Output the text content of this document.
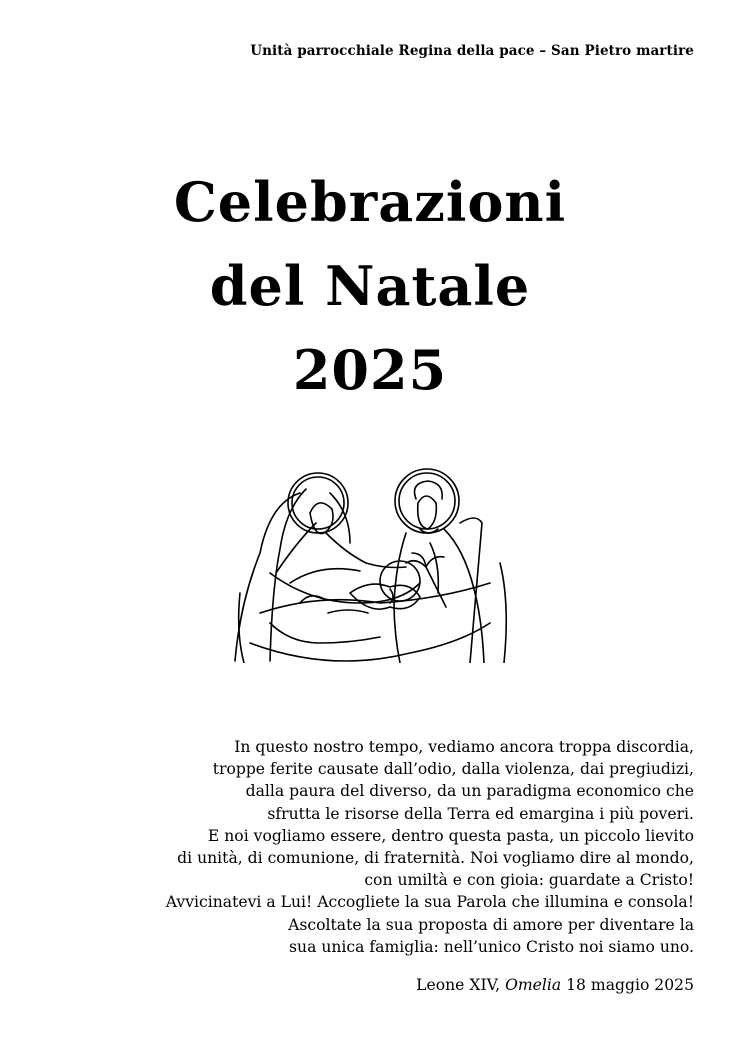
Unità parrocchiale Regina della pace – San Pietro martire
Celebrazioni
del Natale
2025
In questo nostro tempo, vediamo ancora troppa discordia,
troppe ferite causate dall’odio, dalla violenza, dai pregiudizi,
dalla paura del diverso, da un paradigma economico che
sfrutta le risorse della Terra ed emargina i più poveri.
E noi vogliamo essere, dentro questa pasta, un piccolo lievito
di unità, di comunione, di fraternità. Noi vogliamo dire al mondo,
con umiltà e con gioia: guardate a Cristo!
Avvicinatevi a Lui! Accogliete la sua Parola che illumina e consola!
Ascoltate la sua proposta di amore per diventare la
sua unica famiglia: nell’unico Cristo noi siamo uno.
Leone XIV, Omelia 18 maggio 2025
